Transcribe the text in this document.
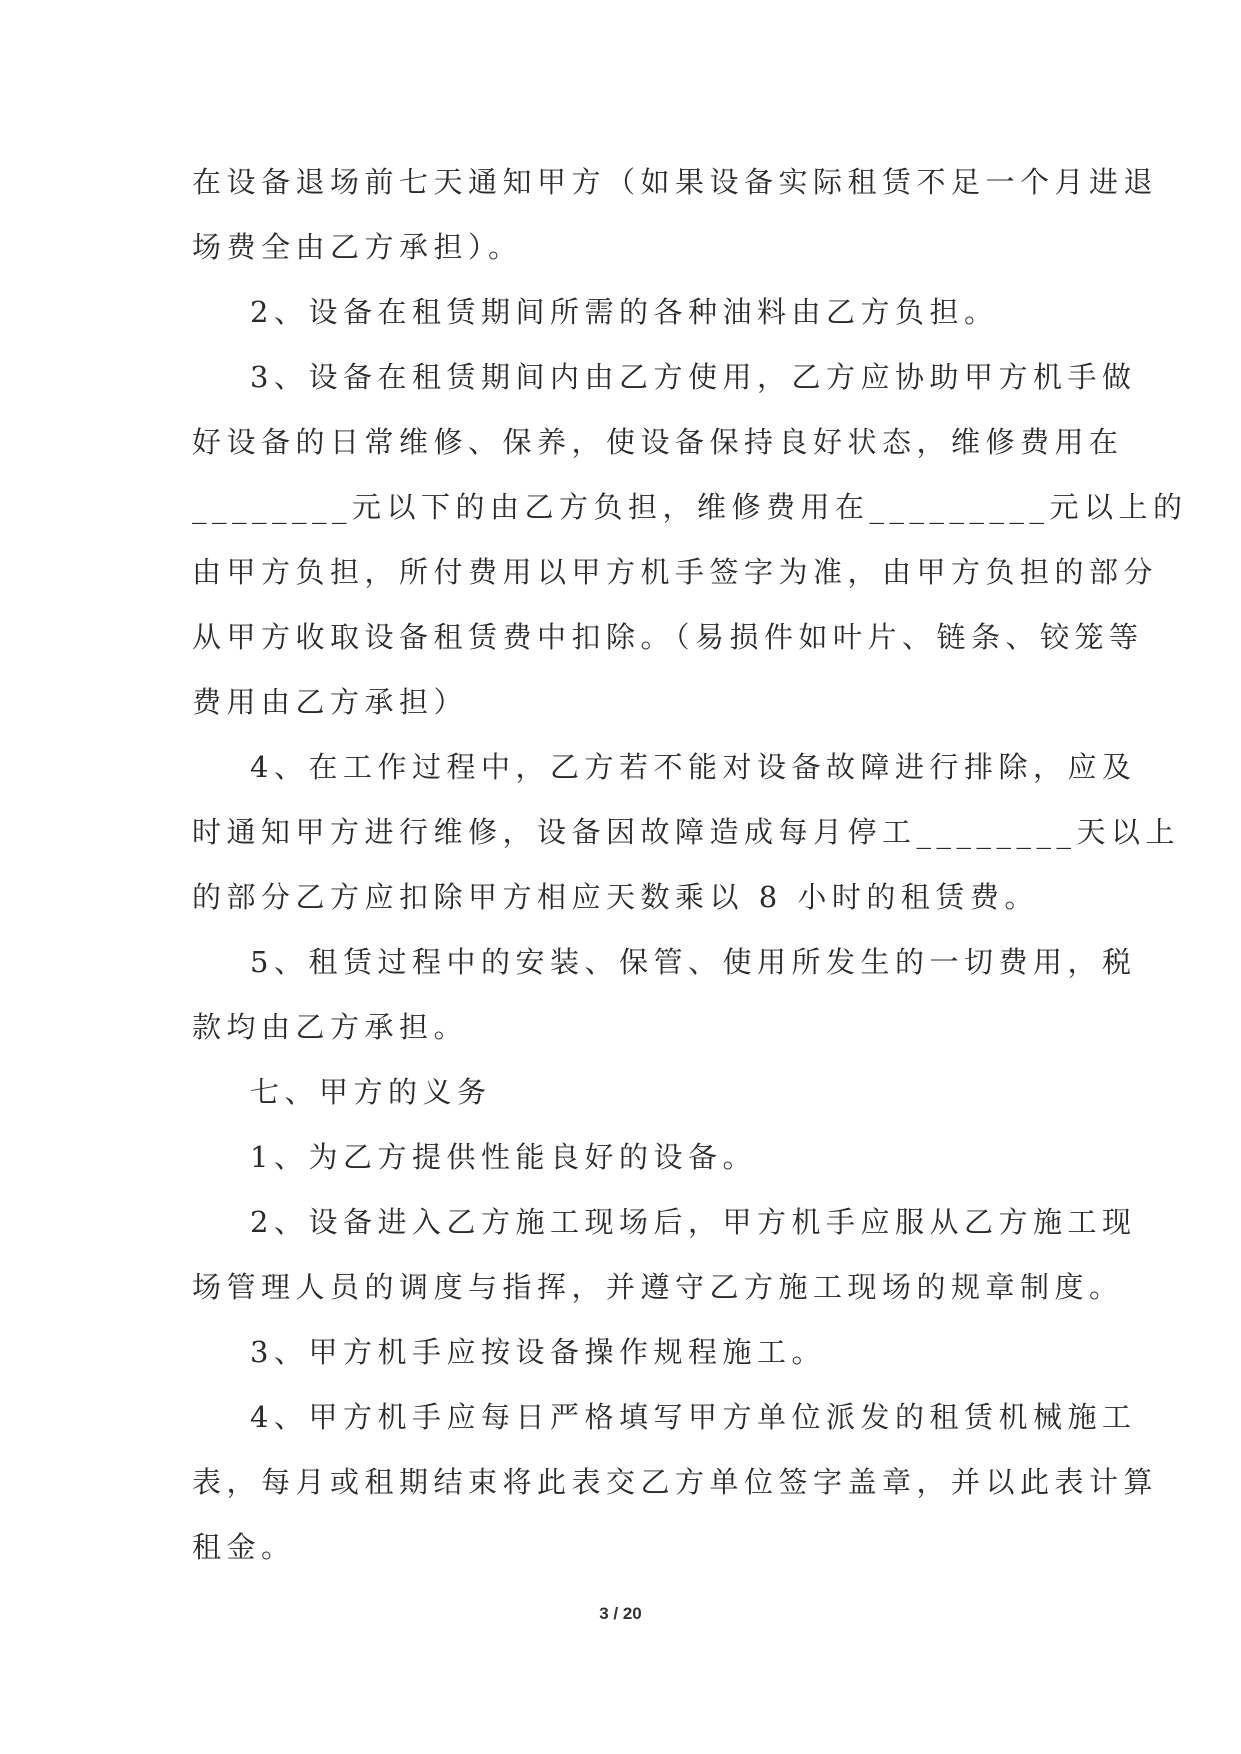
在设备退场前七天通知甲方（如果设备实际租赁不足一个月进退
场费全由乙方承担）。
2、设备在租赁期间所需的各种油料由乙方负担。
3、设备在租赁期间内由乙方使用，乙方应协助甲方机手做
好设备的日常维修、保养，使设备保持良好状态，维修费用在
________元以下的由乙方负担，维修费用在_________元以上的
由甲方负担，所付费用以甲方机手签字为准，由甲方负担的部分
从甲方收取设备租赁费中扣除。（易损件如叶片、链条、铰笼等
费用由乙方承担）
4、在工作过程中，乙方若不能对设备故障进行排除，应及
时通知甲方进行维修，设备因故障造成每月停工________天以上
的部分乙方应扣除甲方相应天数乘以 8 小时的租赁费。
5、租赁过程中的安装、保管、使用所发生的一切费用，税
款均由乙方承担。
七、甲方的义务
1、为乙方提供性能良好的设备。
2、设备进入乙方施工现场后，甲方机手应服从乙方施工现
场管理人员的调度与指挥，并遵守乙方施工现场的规章制度。
3、甲方机手应按设备操作规程施工。
4、甲方机手应每日严格填写甲方单位派发的租赁机械施工
表，每月或租期结束将此表交乙方单位签字盖章，并以此表计算
租金。
3 / 20
